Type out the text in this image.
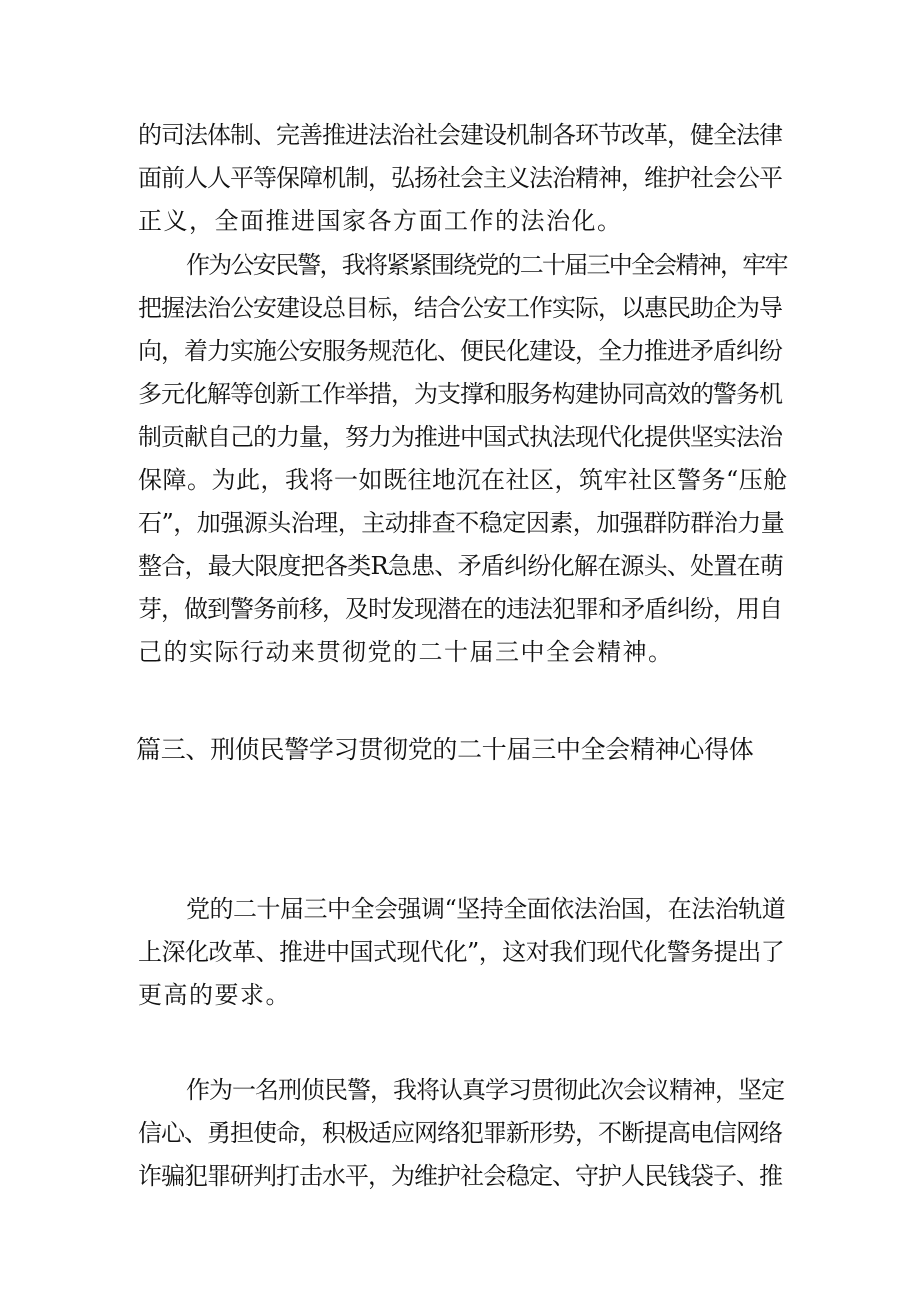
的司法体制、完善推进法治社会建设机制各环节改革，健全法律
面前人人平等保障机制，弘扬社会主义法治精神，维护社会公平
正义，全面推进国家各方面工作的法治化。
作为公安民警，我将紧紧围绕党的二十届三中全会精神，牢牢
把握法治公安建设总目标，结合公安工作实际，以惠民助企为导
向，着力实施公安服务规范化、便民化建设，全力推进矛盾纠纷
多元化解等创新工作举措，为支撑和服务构建协同高效的警务机
制贡献自己的力量，努力为推进中国式执法现代化提供坚实法治
保障。为此，我将一如既往地沉在社区，筑牢社区警务“压舱
石”，加强源头治理，主动排查不稳定因素，加强群防群治力量
整合，最大限度把各类R急患、矛盾纠纷化解在源头、处置在萌
芽，做到警务前移，及时发现潜在的违法犯罪和矛盾纠纷，用自
己的实际行动来贯彻党的二十届三中全会精神。
篇三、刑侦民警学习贯彻党的二十届三中全会精神心得体
党的二十届三中全会强调“坚持全面依法治国，在法治轨道
上深化改革、推进中国式现代化”，这对我们现代化警务提出了
更高的要求。
作为一名刑侦民警，我将认真学习贯彻此次会议精神，坚定
信心、勇担使命，积极适应网络犯罪新形势，不断提高电信网络
诈骗犯罪研判打击水平，为维护社会稳定、守护人民钱袋子、推
